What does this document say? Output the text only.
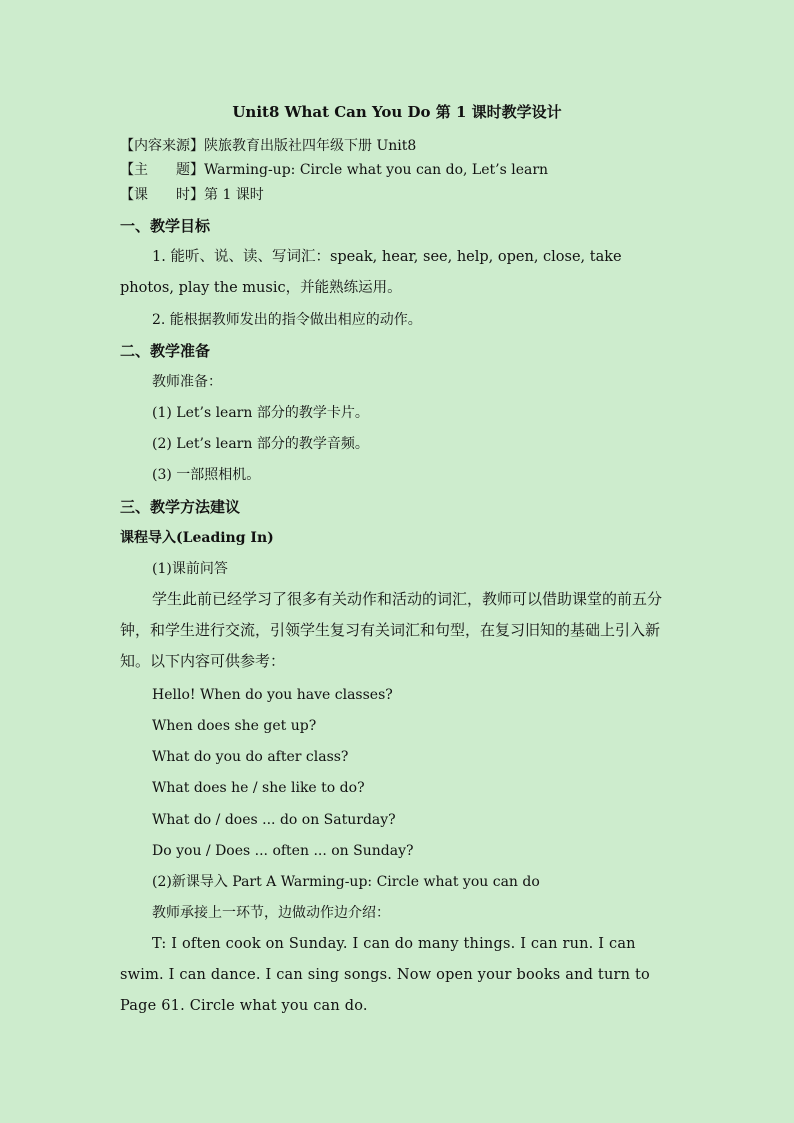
Unit8 What Can You Do 第 1 课时教学设计
【内容来源】陕旅教育出版社四年级下册 Unit8
【主　　题】Warming-up: Circle what you can do, Let’s learn
【课　　时】第 1 课时
一、教学目标
1. 能听、说、读、写词汇：speak, hear, see, help, open, close, take photos, play the music，并能熟练运用。
2. 能根据教师发出的指令做出相应的动作。
二、教学准备
教师准备：
(1) Let’s learn 部分的教学卡片。
(2) Let’s learn 部分的教学音频。
(3) 一部照相机。
三、教学方法建议
课程导入(Leading In)
(1)课前问答
学生此前已经学习了很多有关动作和活动的词汇，教师可以借助课堂的前五分钟，和学生进行交流，引领学生复习有关词汇和句型，在复习旧知的基础上引入新知。以下内容可供参考：
Hello! When do you have classes?
When does she get up?
What do you do after class?
What does he / she like to do?
What do / does ... do on Saturday?
Do you / Does ... often ... on Sunday?
(2)新课导入 Part A Warming-up: Circle what you can do
教师承接上一环节，边做动作边介绍：
T: I often cook on Sunday. I can do many things. I can run. I can swim. I can dance. I can sing songs. Now open your books and turn to Page 61. Circle what you can do.
